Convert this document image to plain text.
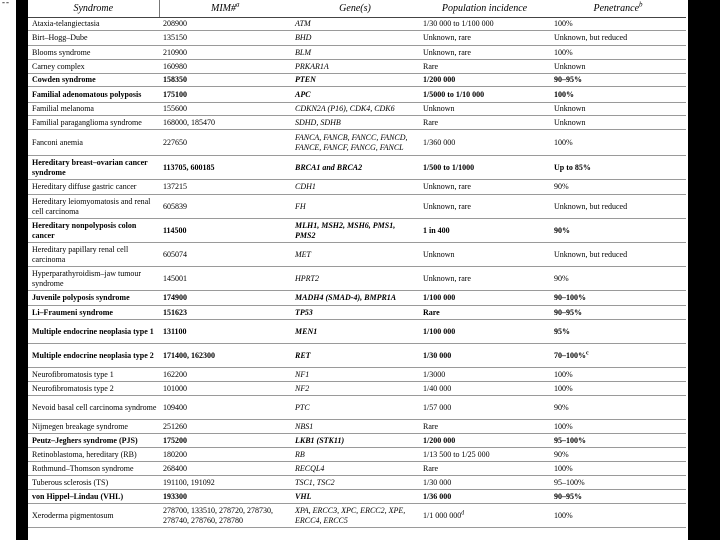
--
Syndrome	MIM#$^a$	Gene(s)	Population incidence	Penetrance$^b$
Ataxia-telangiectasia	208900	ATM	1/30 000 to 1/100 000	100%
Birt–Hogg–Dube	135150	BHD	Unknown, rare	Unknown, but reduced
Blooms syndrome	210900	BLM	Unknown, rare	100%
Carney complex	160980	PRKAR1A	Rare	Unknown
Cowden syndrome	158350	PTEN	1/200 000	90–95%
Familial adenomatous polyposis	175100	APC	1/5000 to 1/10 000	100%
Familial melanoma	155600	CDKN2A (P16), CDK4, CDK6	Unknown	Unknown
Familial paraganglioma syndrome	168000, 185470	SDHD, SDHB	Rare	Unknown
Fanconi anemia	227650	FANCA, FANCB, FANCC, FANCD, FANCE, FANCF, FANCG, FANCL	1/360 000	100%
Hereditary breast–ovarian cancer syndrome	113705, 600185	BRCA1 and BRCA2	1/500 to 1/1000	Up to 85%
Hereditary diffuse gastric cancer	137215	CDH1	Unknown, rare	90%
Hereditary leiomyomatosis and renal cell carcinoma	605839	FH	Unknown, rare	Unknown, but reduced
Hereditary nonpolyposis colon cancer	114500	MLH1, MSH2, MSH6, PMS1, PMS2	1 in 400	90%
Hereditary papillary renal cell carcinoma	605074	MET	Unknown	Unknown, but reduced
Hyperparathyroidism–jaw tumour syndrome	145001	HPRT2	Unknown, rare	90%
Juvenile polyposis syndrome	174900	MADH4 (SMAD-4), BMPR1A	1/100 000	90–100%
Li–Fraumeni syndrome	151623	TP53	Rare	90–95%
Multiple endocrine neoplasia type 1	131100	MEN1	1/100 000	95%
Multiple endocrine neoplasia type 2	171400, 162300	RET	1/30 000	70–100%$^c$
Neurofibromatosis type 1	162200	NF1	1/3000	100%
Neurofibromatosis type 2	101000	NF2	1/40 000	100%
Nevoid basal cell carcinoma syndrome	109400	PTC	1/57 000	90%
Nijmegen breakage syndrome	251260	NBS1	Rare	100%
Peutz–Jeghers syndrome (PJS)	175200	LKB1 (STK11)	1/200 000	95–100%
Retinoblastoma, hereditary (RB)	180200	RB	1/13 500 to 1/25 000	90%
Rothmund–Thomson syndrome	268400	RECQL4	Rare	100%
Tuberous sclerosis (TS)	191100, 191092	TSC1, TSC2	1/30 000	95–100%
von Hippel–Lindau (VHL)	193300	VHL	1/36 000	90–95%
Xeroderma pigmentosum	278700, 133510, 278720, 278730, 278740, 278760, 278780	XPA, ERCC3, XPC, ERCC2, XPE, ERCC4, ERCC5	1/1 000 000$^d$	100%
